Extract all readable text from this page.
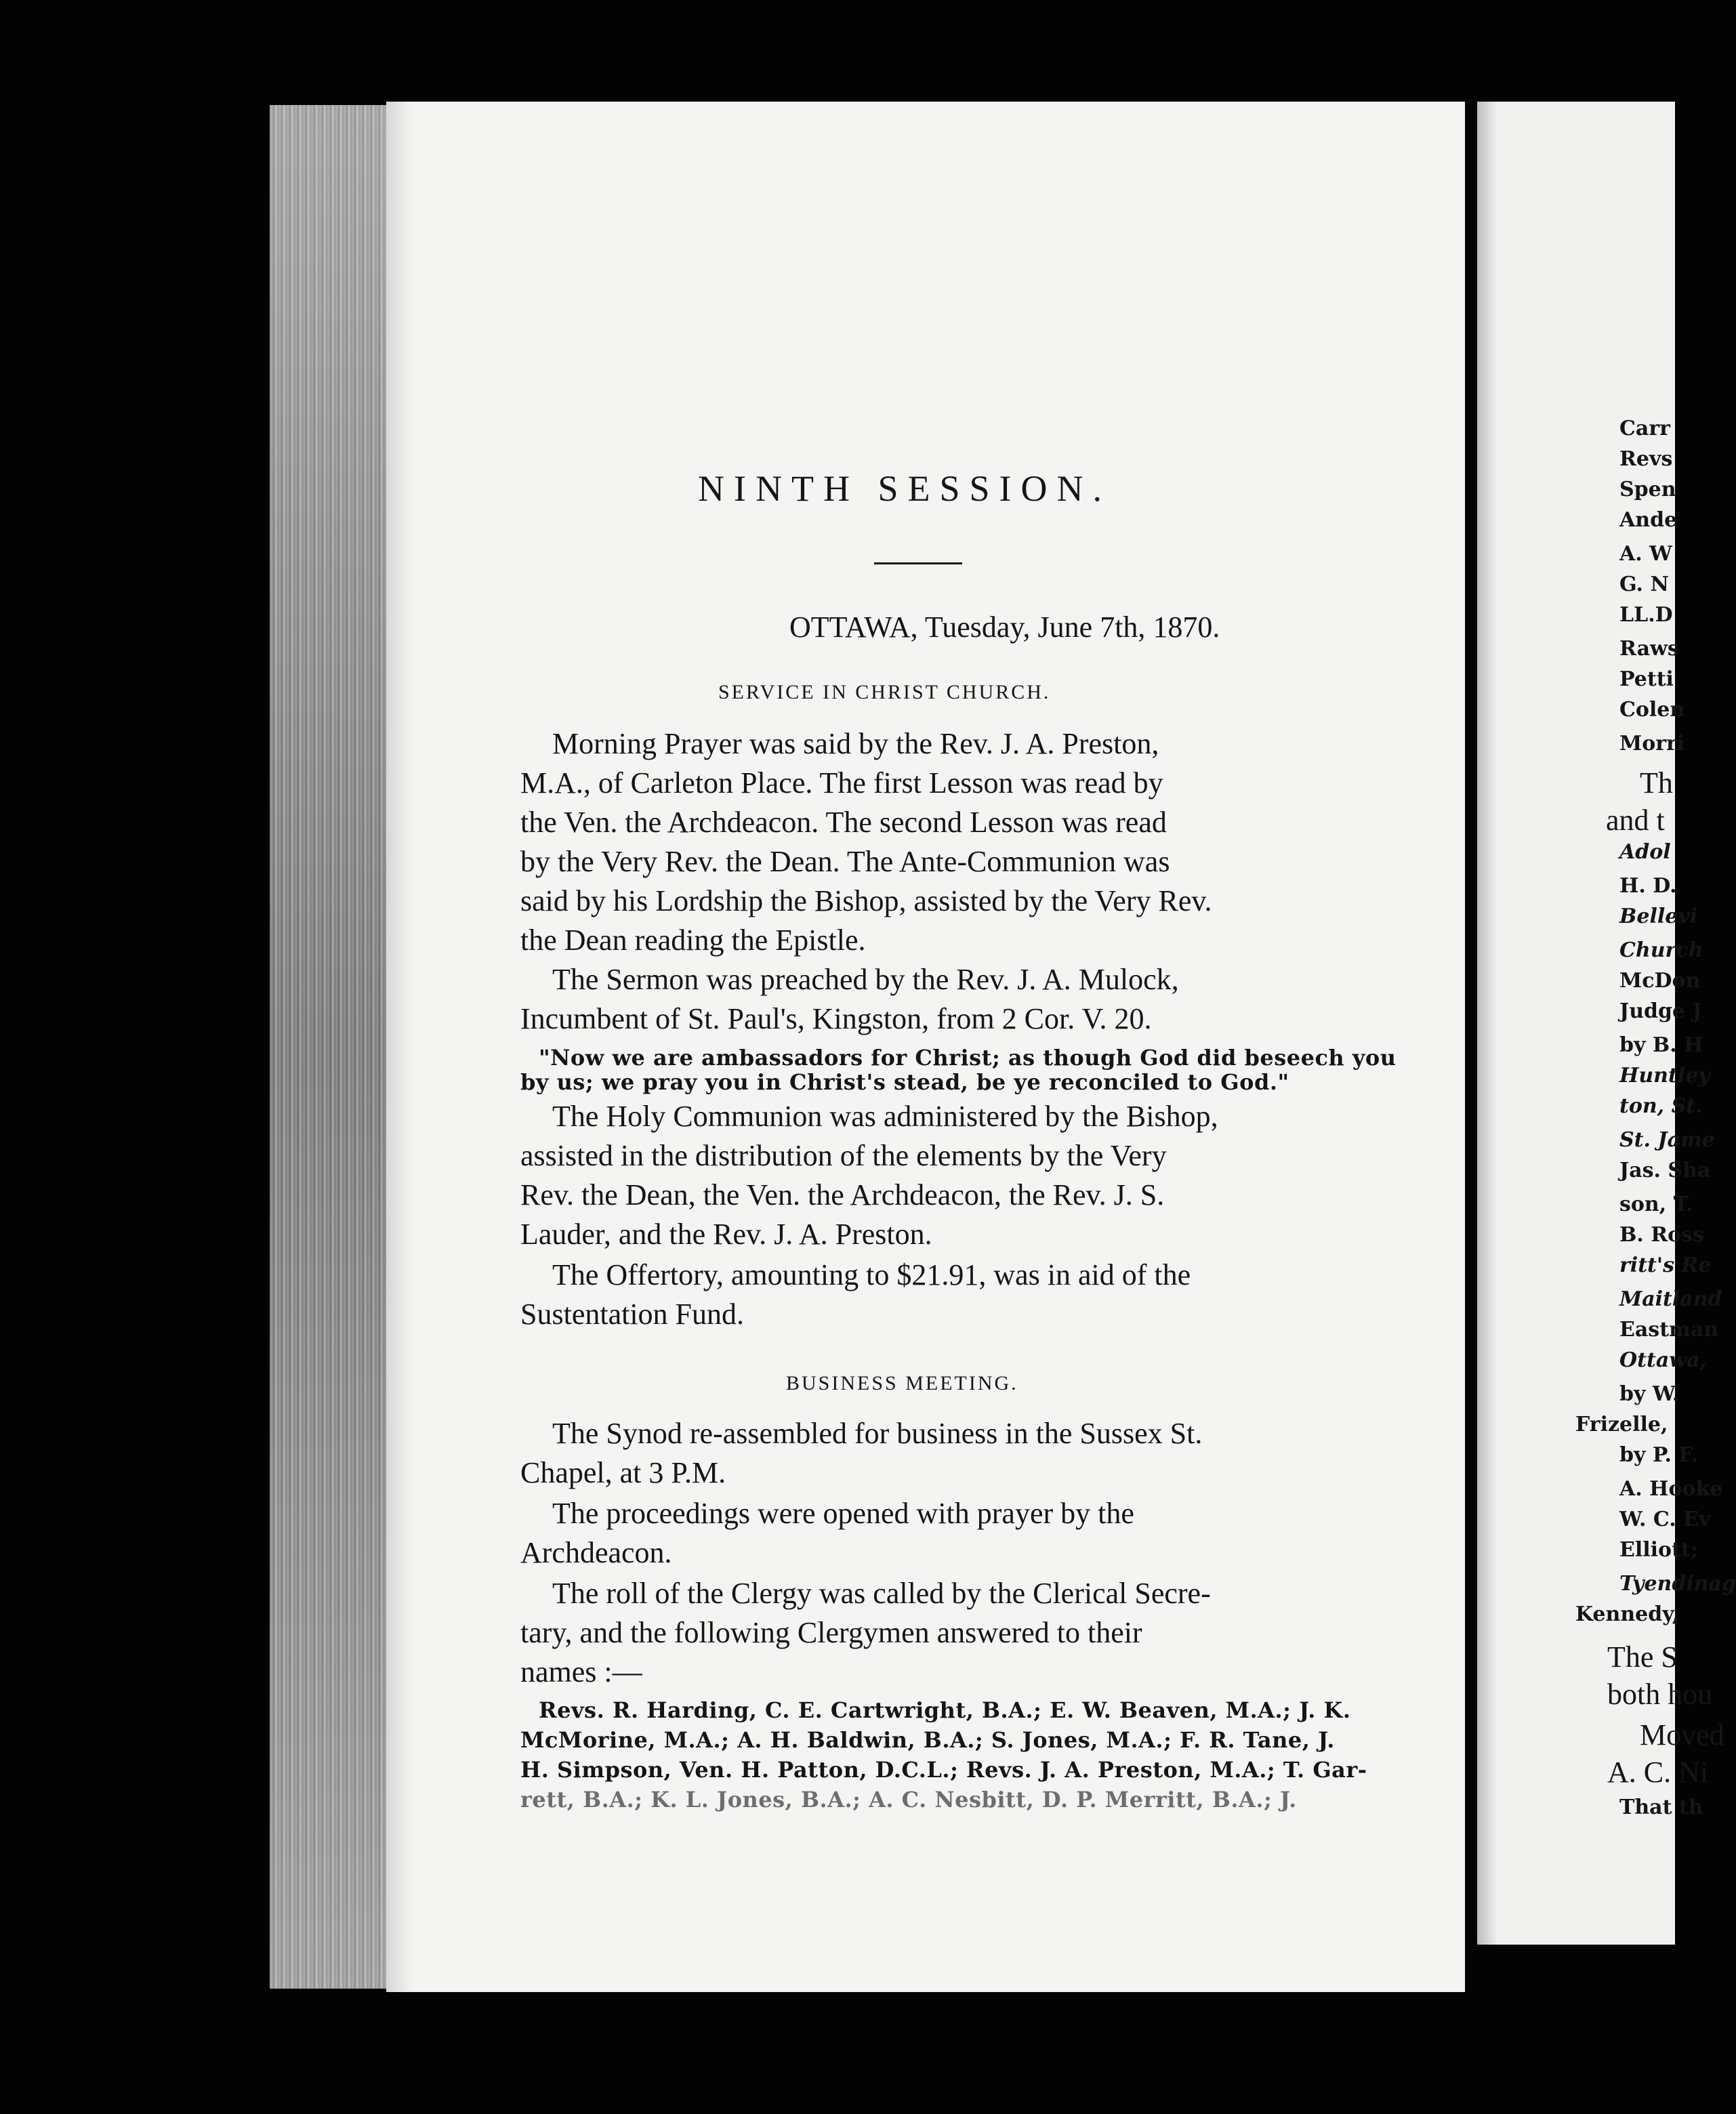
NINTH SESSION.

OTTAWA, Tuesday, June 7th, 1870.

SERVICE IN CHRIST CHURCH.

Morning Prayer was said by the Rev. J. A. Preston,

M.A., of Carleton Place. The first Lesson was read by

the Ven. the Archdeacon. The second Lesson was read

by the Very Rev. the Dean. The Ante-Communion was

said by his Lordship the Bishop, assisted by the Very Rev.

the Dean reading the Epistle.

The Sermon was preached by the Rev. J. A. Mulock,

Incumbent of St. Paul's, Kingston, from 2 Cor. V. 20.

"Now we are ambassadors for Christ; as though God did beseech you

by us; we pray you in Christ's stead, be ye reconciled to God."

The Holy Communion was administered by the Bishop,

assisted in the distribution of the elements by the Very

Rev. the Dean, the Ven. the Archdeacon, the Rev. J. S.

Lauder, and the Rev. J. A. Preston.

The Offertory, amounting to $21.91, was in aid of the

Sustentation Fund.

BUSINESS MEETING.

The Synod re-assembled for business in the Sussex St.

Chapel, at 3 P.M.

The proceedings were opened with prayer by the

Archdeacon.

The roll of the Clergy was called by the Clerical Secre-

tary, and the following Clergymen answered to their

names :—

Revs. R. Harding, C. E. Cartwright, B.A.; E. W. Beaven, M.A.; J. K.

McMorine, M.A.; A. H. Baldwin, B.A.; S. Jones, M.A.; F. R. Tane, J.

H. Simpson, Ven. H. Patton, D.C.L.; Revs. J. A. Preston, M.A.; T. Gar-

rett, B.A.; K. L. Jones, B.A.; A. C. Nesbitt, D. P. Merritt, B.A.; J.

Carr

Revs

Spen

Ande

A. W

G. N

LL.D

Raws

Petti

Colen

Morri

Th

and t

Adol

H. D.

Bellevi

Church

McDon

Judge J

by B. H

Huntley

ton, St.

St. Jame

Jas. Sha

son, T.

B. Ross

ritt's Re

Maitland

Eastman

Ottawa,

by W.

Frizelle,

by P. F.

A. Hooke

W. C. Ev

Elliott;

Tyendinag

Kennedy,

The S

both hou

Moved

A. C. Ni

That th
